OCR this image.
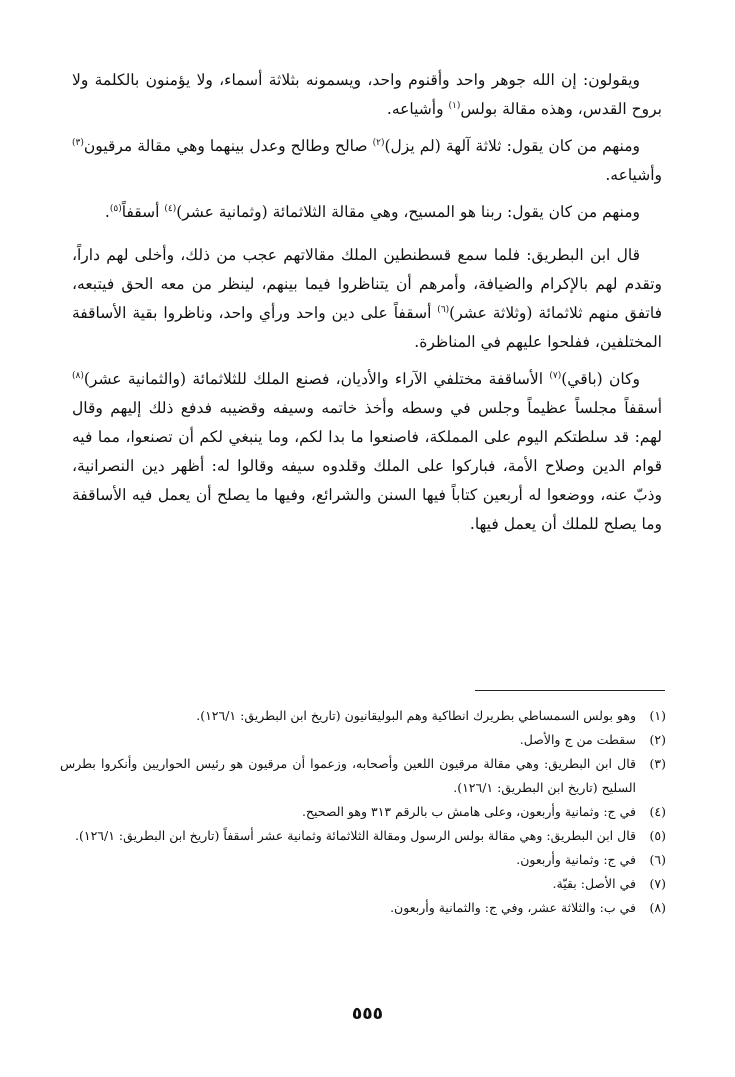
ويقولون: إن الله جوهر واحد وأقنوم واحد، ويسمونه بثلاثة أسماء، ولا يؤمنون بالكلمة ولا بروح القدس، وهذه مقالة بولس$^{(١)}$ وأشياعه.

ومنهم من كان يقول: ثلاثة آلهة (لم يزل)$^{(٢)}$ صالح وطالح وعدل بينهما وهي مقالة مرقيون$^{(٣)}$ وأشياعه.

ومنهم من كان يقول: ربنا هو المسيح، وهي مقالة الثلاثمائة (وثمانية عشر)$^{(٤)}$ أسقفاً$^{(٥)}$.

قال ابن البطريق: فلما سمع قسطنطين الملك مقالاتهم عجب من ذلك، وأخلى لهم داراً، وتقدم لهم بالإكرام والضيافة، وأمرهم أن يتناظروا فيما بينهم، لينظر من معه الحق فيتبعه، فاتفق منهم ثلاثمائة (وثلاثة عشر)$^{(٦)}$ أسقفاً على دين واحد ورأي واحد، وناظروا بقية الأساقفة المختلفين، ففلحوا عليهم في المناظرة.

وكان (باقي)$^{(٧)}$ الأساقفة مختلفي الآراء والأديان، فصنع الملك للثلاثمائة (والثمانية عشر)$^{(٨)}$ أسقفاً مجلساً عظيماً وجلس في وسطه وأخذ خاتمه وسيفه وقضيبه فدفع ذلك إليهم وقال لهم: قد سلطتكم اليوم على المملكة، فاصنعوا ما بدا لكم، وما ينبغي لكم أن تصنعوا، مما فيه قوام الدين وصلاح الأمة، فباركوا على الملك وقلدوه سيفه وقالوا له: أظهر دين النصرانية، وذبّ عنه، ووضعوا له أربعين كتاباً فيها السنن والشرائع، وفيها ما يصلح أن يعمل فيه الأساقفة وما يصلح للملك أن يعمل فيها.

(١)
وهو بولس السمساطي بطريرك انطاكية وهم البوليقانيون (تاريخ ابن البطريق: ١٢٦/١).
(٢)
سقطت من ج والأصل.
(٣)
قال ابن البطريق: وهي مقالة مرقيون اللعين وأصحابه، وزعموا أن مرقيون هو رئيس الحواريين وأنكروا بطرس السليح (تاريخ ابن البطريق: ١٢٦/١).
(٤)
في ج: وثمانية وأربعون، وعلى هامش ب بالرقم ٣١٣ وهو الصحيح.
(٥)
قال ابن البطريق: وهي مقالة بولس الرسول ومقالة الثلاثمائة وثمانية عشر أسقفاً (تاريخ ابن البطريق: ١٢٦/١).
(٦)
في ج: وثمانية وأربعون.
(٧)
في الأصل: بقيّة.
(٨)
في ب: والثلاثة عشر، وفي ج: والثمانية وأربعون.
٥٥٥
